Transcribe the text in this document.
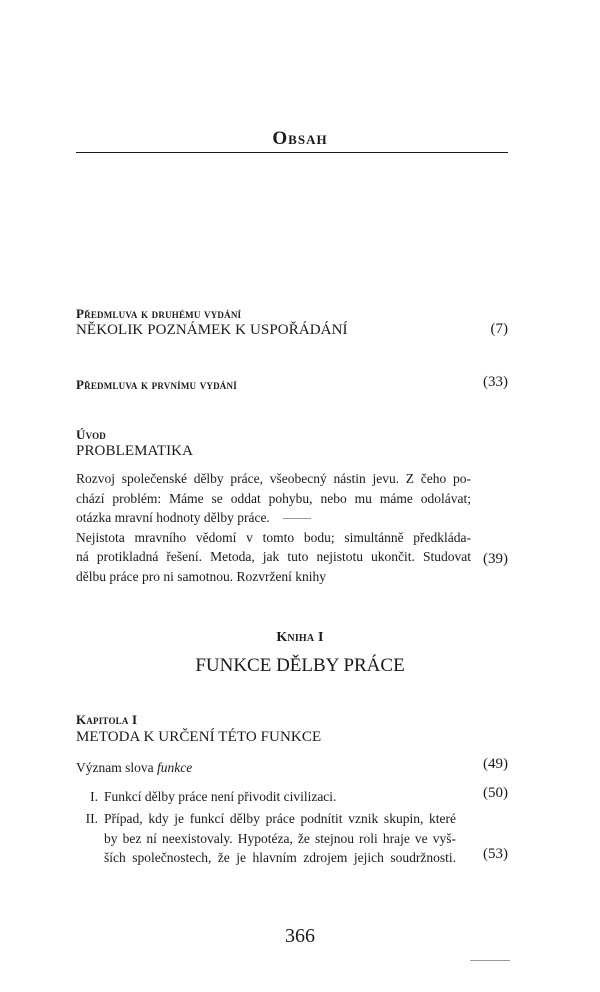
Obsah
Předmluva k druhému vydání
NĚKOLIK POZNÁMEK K USPOŘÁDÁNÍ	(7)
Předmluva k prvnímu vydání	(33)
Úvod
PROBLEMATIKA
Rozvoj společenské dělby práce, všeobecný nástin jevu. Z čeho po-
chází problém: Máme se oddat pohybu, nebo mu máme odolávat;
otázka mravní hodnoty dělby práce.
Nejistota mravního vědomí v tomto bodu; simultánně předkláda-
ná protikladná řešení. Metoda, jak tuto nejistotu ukončit. Studovat
dělbu práce pro ni samotnou. Rozvržení knihy
(39)
Kniha I
FUNKCE DĚLBY PRÁCE
Kapitola I
METODA K URČENÍ TÉTO FUNKCE
Význam slova funkce	(49)
I. Funkcí dělby práce není přivodit civilizaci.	(50)
II. Případ, kdy je funkcí dělby práce podnítit vznik skupin, které
by bez ní neexistovaly. Hypotéza, že stejnou roli hraje ve vyš-
ších společnostech, že je hlavním zdrojem jejich soudržnosti.	(53)
366
